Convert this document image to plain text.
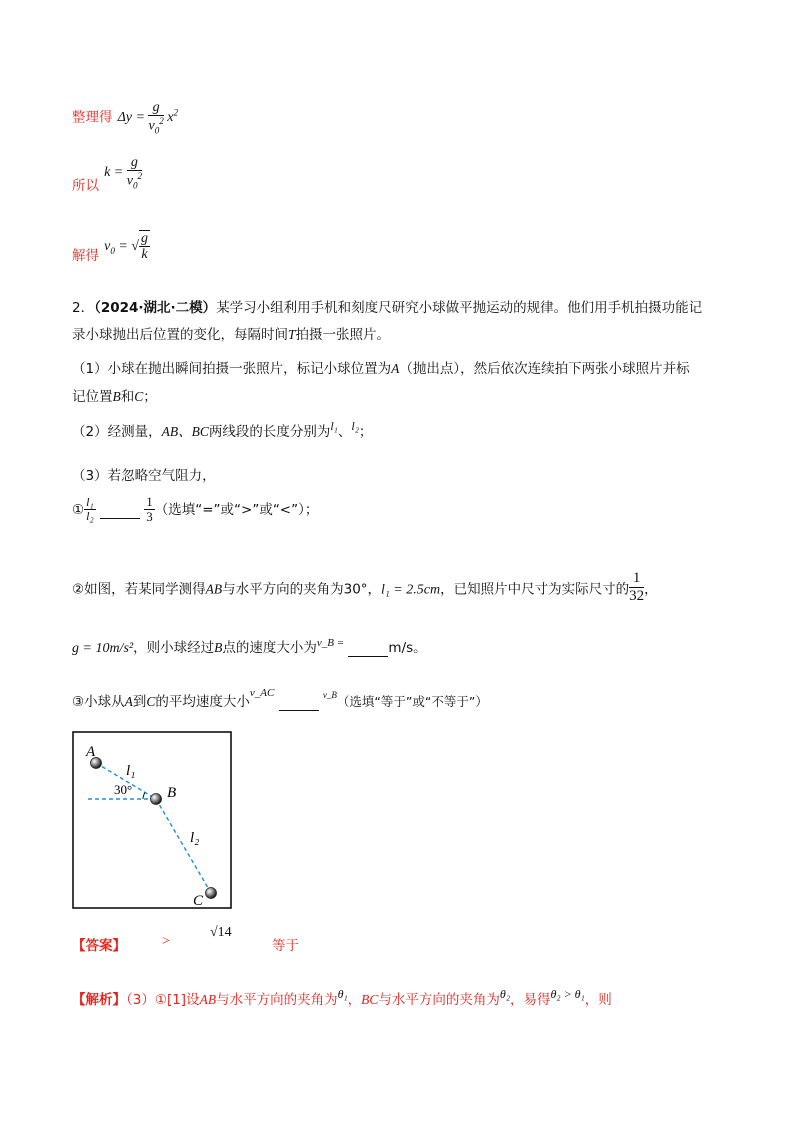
整理得 $\Delta y = \frac{g}{v_0^2} x^2$
$_{所以}$ $k = \frac{g}{v_0^2}$
$_{解得}$ $v_0$ = √ $\frac{g}{k}$
2．（2024·湖北·二模）某学习小组利用手机和刻度尺研究小球做平抛运动的规律。他们用手机拍摄功能记
录小球抛出后位置的变化，每隔时间T拍摄一张照片。
（1）小球在抛出瞬间拍摄一张照片，标记小球位置为A（抛出点），然后依次连续拍下两张小球照片并标
记位置B和C；
（2）经测量，AB、BC两线段的长度分别为l₁、l₂；
（3）若忽略空气阻力，
① $\frac{\text{l₁}}{\text{l₂}}$
	$\frac{1}{3}$ （选填“=”或“>”或“<”）；
②如图，若某同学测得AB与水平方向的夹角为30°，l₁ = 2.5cm，已知照片中尺寸为实际尺寸的 $\frac{1}{32}$ ，
g = 10m/s²，则小球经过B点的速度大小为$^{v\_B =}$	m/s。
③小球从A到C的平均速度大小$^{v\_AC}$	$^{v\_B}$（选填“等于”或“不等于”）
A
B
C
l₁
l₂
30°
【答案】	>
√14
等于
【解析】（3）①[1]设AB与水平方向的夹角为θ₁，BC与水平方向的夹角为θ₂，易得θ₂ > θ₁，则
